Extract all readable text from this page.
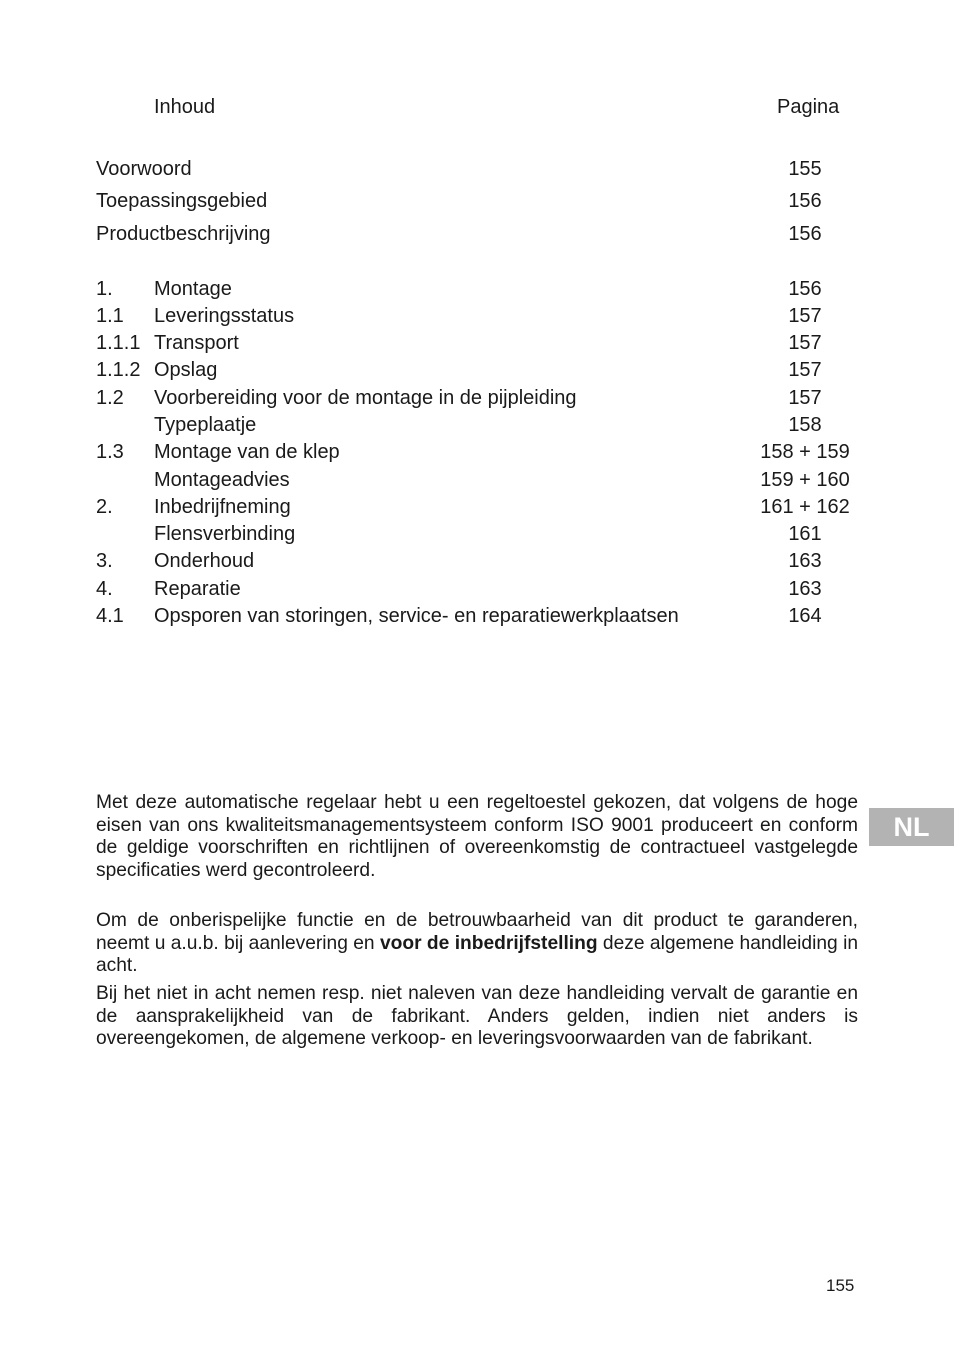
Inhoud	Pagina
Voorwoord	155
Toepassingsgebied	156
Productbeschrijving	156
1. Montage	156
1.1 Leveringsstatus	157
1.1.1 Transport	157
1.1.2 Opslag	157
1.2 Voorbereiding voor de montage in de pijpleiding	157
Typeplaatje	158
1.3 Montage van de klep	158 + 159
Montageadvies	159 + 160
2. Inbedrijfneming	161 + 162
Flensverbinding	161
3. Onderhoud	163
4. Reparatie	163
4.1 Opsporen van storingen, service- en reparatiewerkplaatsen	164
NL

Met deze automatische regelaar hebt u een regeltoestel gekozen, dat volgens de hoge eisen van ons kwaliteitsmanagementsysteem conform ISO 9001 produceert en conform de geldige voorschriften en richtlijnen of overeenkomstig de contractueel vastgelegde specificaties werd gecontroleerd.

Om de onberispelijke functie en de betrouwbaarheid van dit product te garanderen, neemt u a.u.b. bij aanlevering en voor de inbedrijfstelling deze algemene handleiding in acht.

Bij het niet in acht nemen resp. niet naleven van deze handleiding vervalt de garantie en de aansprakelijkheid van de fabrikant. Anders gelden, indien niet anders is overeengekomen, de algemene verkoop- en leveringsvoorwaarden van de fabrikant.

155
